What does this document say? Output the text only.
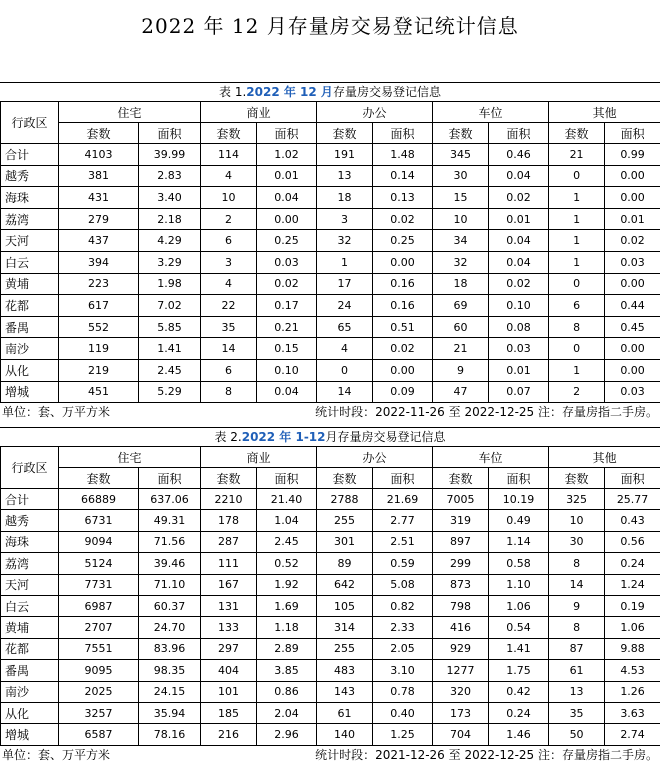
2022 年 12 月存量房交易登记统计信息
表 1.2022 年 12 月存量房交易登记信息
行政区	住宅		商业		办公		车位		其他	
	套数	面积	套数	面积	套数	面积	套数	面积	套数	面积
合计	4103	39.99	114	1.02	191	1.48	345	0.46	21	0.99
越秀	381	2.83	4	0.01	13	0.14	30	0.04	0	0.00
海珠	431	3.40	10	0.04	18	0.13	15	0.02	1	0.00
荔湾	279	2.18	2	0.00	3	0.02	10	0.01	1	0.01
天河	437	4.29	6	0.25	32	0.25	34	0.04	1	0.02
白云	394	3.29	3	0.03	1	0.00	32	0.04	1	0.03
黄埔	223	1.98	4	0.02	17	0.16	18	0.02	0	0.00
花都	617	7.02	22	0.17	24	0.16	69	0.10	6	0.44
番禺	552	5.85	35	0.21	65	0.51	60	0.08	8	0.45
南沙	119	1.41	14	0.15	4	0.02	21	0.03	0	0.00
从化	219	2.45	6	0.10	0	0.00	9	0.01	1	0.00
增城	451	5.29	8	0.04	14	0.09	47	0.07	2	0.03
单位：套、万平方米	统计时段：2022-11-26 至 2022-12-25 注：存量房指二手房。
表 2.2022 年 1-12月存量房交易登记信息
行政区	住宅		商业		办公		车位		其他	
	套数	面积	套数	面积	套数	面积	套数	面积	套数	面积
合计	66889	637.06	2210	21.40	2788	21.69	7005	10.19	325	25.77
越秀	6731	49.31	178	1.04	255	2.77	319	0.49	10	0.43
海珠	9094	71.56	287	2.45	301	2.51	897	1.14	30	0.56
荔湾	5124	39.46	111	0.52	89	0.59	299	0.58	8	0.24
天河	7731	71.10	167	1.92	642	5.08	873	1.10	14	1.24
白云	6987	60.37	131	1.69	105	0.82	798	1.06	9	0.19
黄埔	2707	24.70	133	1.18	314	2.33	416	0.54	8	1.06
花都	7551	83.96	297	2.89	255	2.05	929	1.41	87	9.88
番禺	9095	98.35	404	3.85	483	3.10	1277	1.75	61	4.53
南沙	2025	24.15	101	0.86	143	0.78	320	0.42	13	1.26
从化	3257	35.94	185	2.04	61	0.40	173	0.24	35	3.63
增城	6587	78.16	216	2.96	140	1.25	704	1.46	50	2.74
单位：套、万平方米	统计时段：2021-12-26 至 2022-12-25 注：存量房指二手房。
